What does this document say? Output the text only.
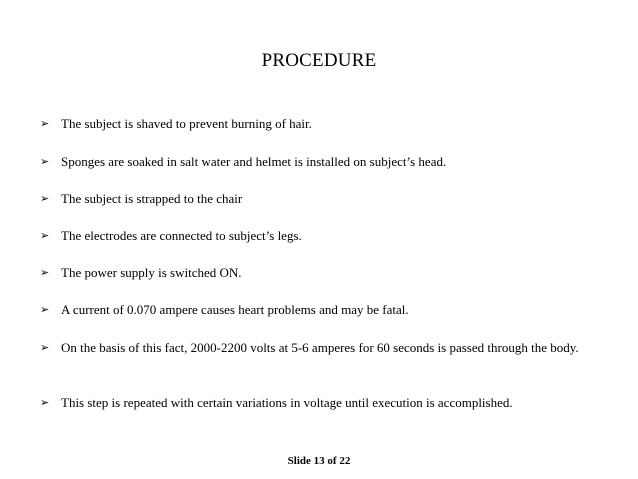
PROCEDURE
➢ The subject is shaved to prevent burning of hair.
➢ Sponges are soaked in salt water and helmet is installed on subject’s head.
➢ The subject is strapped to the chair
➢ The electrodes are connected to subject’s legs.
➢ The power supply is switched ON.
➢ A current of 0.070 ampere causes heart problems and may be fatal.
➢ On the basis of this fact, 2000-2200 volts at 5-6 amperes for 60 seconds is passed through the body.
➢ This step is repeated with certain variations in voltage until execution is accomplished.
Slide 13 of 22
